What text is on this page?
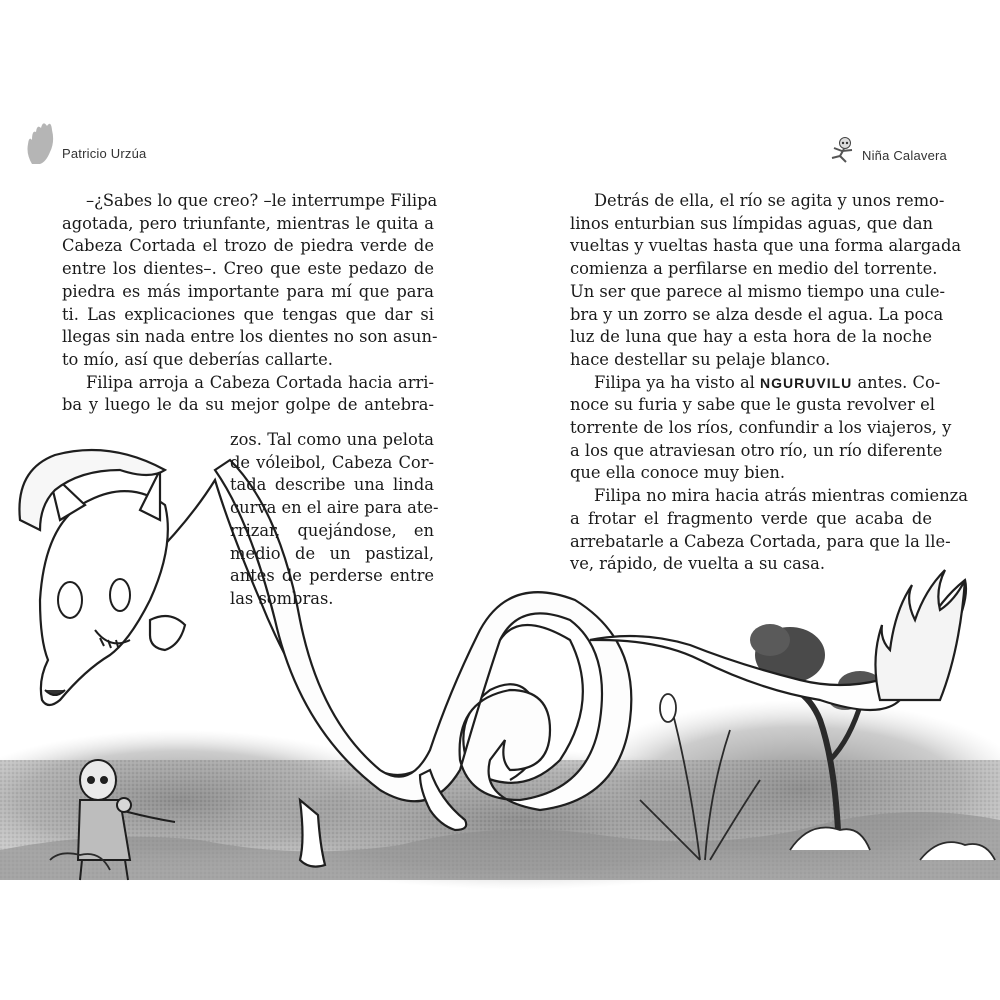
Patricio Urzúa	Niña Calavera
–¿Sabes lo que creo? –le interrumpe Filipa
agotada, pero triunfante, mientras le quita a
Cabeza Cortada el trozo de piedra verde de
entre los dientes–. Creo que este pedazo de
piedra es más importante para mí que para
ti. Las explicaciones que tengas que dar si
llegas sin nada entre los dientes no son asun-
to mío, así que deberías callarte.
Filipa arroja a Cabeza Cortada hacia arri-
ba y luego le da su mejor golpe de antebra-
zos. Tal como una pelota
de vóleibol, Cabeza Cor-
tada describe una linda
curva en el aire para ate-
rrizar, quejándose, en
medio de un pastizal,
antes de perderse entre
las sombras.
Detrás de ella, el río se agita y unos remo-
linos enturbian sus límpidas aguas, que dan
vueltas y vueltas hasta que una forma alargada
comienza a perfilarse en medio del torrente.
Un ser que parece al mismo tiempo una cule-
bra y un zorro se alza desde el agua. La poca
luz de luna que hay a esta hora de la noche
hace destellar su pelaje blanco.
Filipa ya ha visto al NGURUVILU antes. Co-
noce su furia y sabe que le gusta revolver el
torrente de los ríos, confundir a los viajeros, y
a los que atraviesan otro río, un río diferente
que ella conoce muy bien.
Filipa no mira hacia atrás mientras comienza
a frotar el fragmento verde que acaba de
arrebatarle a Cabeza Cortada, para que la lle-
ve, rápido, de vuelta a su casa.
